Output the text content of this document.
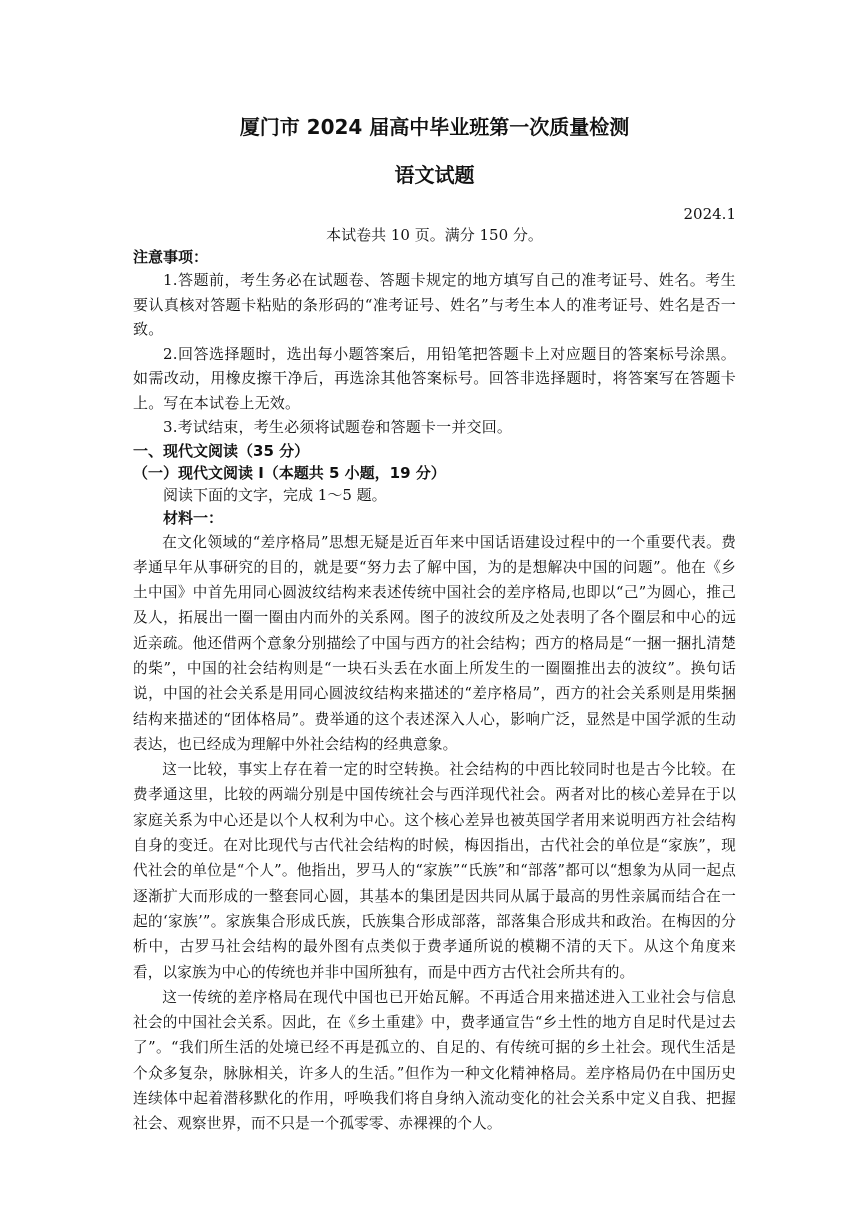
厦门市 2024 届高中毕业班第一次质量检测
语文试题
2024.1
本试卷共 10 页。满分 150 分。
注意事项：

1.答题前，考生务必在试题卷、答题卡规定的地方填写自己的准考证号、姓名。考生要认真核对答题卡粘贴的条形码的“准考证号、姓名”与考生本人的准考证号、姓名是否一致。

2.回答选择题时，选出每小题答案后，用铅笔把答题卡上对应题目的答案标号涂黑。如需改动，用橡皮擦干净后，再选涂其他答案标号。回答非选择题时，将答案写在答题卡上。写在本试卷上无效。

3.考试结束，考生必须将试题卷和答题卡一并交回。

一、现代文阅读（35 分）
（一）现代文阅读 I（本题共 5 小题，19 分）
阅读下面的文字，完成 1～5 题。
材料一：

在文化领域的“差序格局”思想无疑是近百年来中国话语建设过程中的一个重要代表。费孝通早年从事研究的目的，就是要“努力去了解中国，为的是想解决中国的问题”。他在《乡土中国》中首先用同心圆波纹结构来表述传统中国社会的差序格局,也即以“己”为圆心，推己及人，拓展出一圈一圈由内而外的关系网。图子的波纹所及之处表明了各个圈层和中心的远近亲疏。他还借两个意象分别描绘了中国与西方的社会结构；西方的格局是“一捆一捆扎清楚的柴”，中国的社会结构则是“一块石头丢在水面上所发生的一圈圈推出去的波纹”。换句话说，中国的社会关系是用同心圆波纹结构来描述的“差序格局”，西方的社会关系则是用柴捆结构来描述的“团体格局”。费举通的这个表述深入人心，影响广泛，显然是中国学派的生动表达，也已经成为理解中外社会结构的经典意象。

这一比较，事实上存在着一定的时空转换。社会结构的中西比较同时也是古今比较。在费孝通这里，比较的两端分别是中国传统社会与西洋现代社会。两者对比的核心差异在于以家庭关系为中心还是以个人权利为中心。这个核心差异也被英国学者用来说明西方社会结构自身的变迁。在对比现代与古代社会结构的时候，梅因指出，古代社会的单位是“家族”，现代社会的单位是“个人”。他指出，罗马人的“家族”“氏族”和“部落”都可以“想象为从同一起点逐渐扩大而形成的一整套同心圆，其基本的集团是因共同从属于最高的男性亲属而结合在一起的‘家族’”。家族集合形成氏族，氏族集合形成部落，部落集合形成共和政治。在梅因的分析中，古罗马社会结构的最外图有点类似于费孝通所说的模糊不清的天下。从这个角度来看，以家族为中心的传统也并非中国所独有，而是中西方古代社会所共有的。

这一传统的差序格局在现代中国也已开始瓦解。不再适合用来描述进入工业社会与信息社会的中国社会关系。因此，在《乡土重建》中，费孝通宣告“乡土性的地方自足时代是过去了”。“我们所生活的处境已经不再是孤立的、自足的、有传统可据的乡土社会。现代生活是个众多复杂，脉脉相关，许多人的生活。”但作为一种文化精神格局。差序格局仍在中国历史连续体中起着潜移默化的作用，呼唤我们将自身纳入流动变化的社会关系中定义自我、把握社会、观察世界，而不只是一个孤零零、赤裸裸的个人。
